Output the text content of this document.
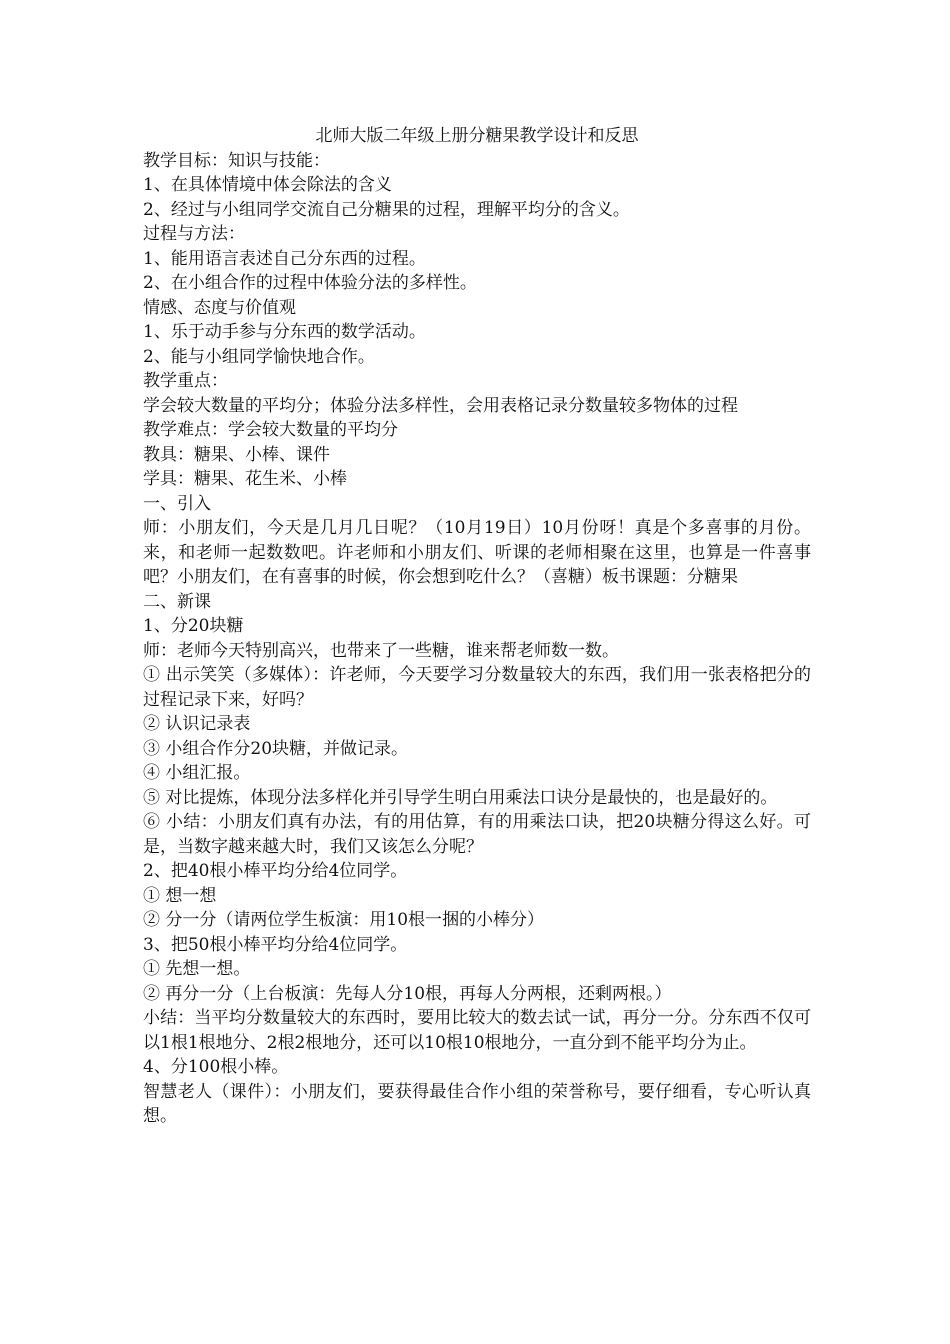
北师大版二年级上册分糖果教学设计和反思

教学目标：知识与技能：

1、在具体情境中体会除法的含义

2、经过与小组同学交流自己分糖果的过程，理解平均分的含义。

过程与方法：

1、能用语言表述自己分东西的过程。

2、在小组合作的过程中体验分法的多样性。

情感、态度与价值观

1、乐于动手参与分东西的数学活动。

2、能与小组同学愉快地合作。

教学重点：

学会较大数量的平均分；体验分法多样性，会用表格记录分数量较多物体的过程

教学难点：学会较大数量的平均分

教具：糖果、小棒、课件

学具：糖果、花生米、小棒

一、引入

师：小朋友们，今天是几月几日呢？（10月19日）10月份呀！真是个多喜事的月份。来，和老师一起数数吧。许老师和小朋友们、听课的老师相聚在这里，也算是一件喜事吧？小朋友们，在有喜事的时候，你会想到吃什么？（喜糖）板书课题：分糖果

二、新课

1、分20块糖

师：老师今天特别高兴，也带来了一些糖，谁来帮老师数一数。

① 出示笑笑（多媒体）：许老师，今天要学习分数量较大的东西，我们用一张表格把分的过程记录下来，好吗？

② 认识记录表

③ 小组合作分20块糖，并做记录。

④ 小组汇报。

⑤ 对比提炼，体现分法多样化并引导学生明白用乘法口诀分是最快的，也是最好的。

⑥ 小结：小朋友们真有办法，有的用估算，有的用乘法口诀，把20块糖分得这么好。可是，当数字越来越大时，我们又该怎么分呢？

2、把40根小棒平均分给4位同学。

① 想一想

② 分一分（请两位学生板演：用10根一捆的小棒分）

3、把50根小棒平均分给4位同学。

① 先想一想。

② 再分一分（上台板演：先每人分10根，再每人分两根，还剩两根。）

小结：当平均分数量较大的东西时，要用比较大的数去试一试，再分一分。分东西不仅可以1根1根地分、2根2根地分，还可以10根10根地分，一直分到不能平均分为止。

4、分100根小棒。

智慧老人（课件）：小朋友们，要获得最佳合作小组的荣誉称号，要仔细看，专心听认真想。
